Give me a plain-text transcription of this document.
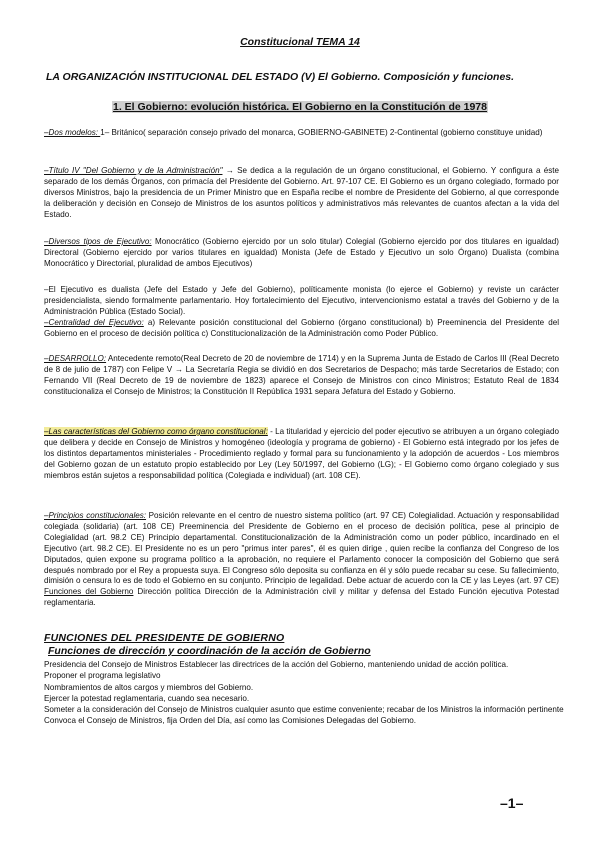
Constitucional TEMA 14
LA ORGANIZACIÓN INSTITUCIONAL DEL ESTADO (V) El Gobierno. Composición y funciones.
1. El Gobierno: evolución histórica. El Gobierno en la Constitución de 1978
–Dos modelos: 1– Británico( separación consejo privado del monarca, GOBIERNO-GABINETE) 2-Continental (gobierno constituye unidad)
–Título IV "Del Gobierno y de la Administración" → Se dedica a la regulación de un órgano constitucional, el Gobierno. Y configura a éste separado de los demás Órganos, con primacía del Presidente del Gobierno. Art. 97-107 CE. El Gobierno es un órgano colegiado, formado por diversos Ministros, bajo la presidencia de un Primer Ministro que en España recibe el nombre de Presidente del Gobierno, al que corresponde la deliberación y decisión en Consejo de Ministros de los asuntos políticos y administrativos más relevantes de cuantos afectan a la vida del Estado.
–Diversos tipos de Ejecutivo: Monocrático (Gobierno ejercido por un solo titular) Colegial (Gobierno ejercido por dos titulares en igualdad) Directoral (Gobierno ejercido por varios titulares en igualdad) Monista (Jefe de Estado y Ejecutivo un solo Órgano) Dualista (combina Monocrático y Directorial, pluralidad de ambos Ejecutivos)
–El Ejecutivo es dualista (Jefe del Estado y Jefe del Gobierno), políticamente monista (lo ejerce el Gobierno) y reviste un carácter presidencialista, siendo formalmente parlamentario. Hoy fortalecimiento del Ejecutivo, intervencionismo estatal a través del Gobierno y de la Administración Pública (Estado Social).
–Centralidad del Ejecutivo: a) Relevante posición constitucional del Gobierno (órgano constitucional) b) Preeminencia del Presidente del Gobierno en el proceso de decisión política c) Constitucionalización de la Administración como Poder Público.
–DESARROLLO: Antecedente remoto(Real Decreto de 20 de noviembre de 1714) y en la Suprema Junta de Estado de Carlos III (Real Decreto de 8 de julio de 1787) con Felipe V → La Secretaría Regia se dividió en dos Secretarios de Despacho; más tarde Secretarios de Estado; con Fernando VII (Real Decreto de 19 de noviembre de 1823) aparece el Consejo de Ministros con cinco Ministros; Estatuto Real de 1834 constitucionaliza el Consejo de Ministros; la Constitución II República 1931 separa Jefatura del Estado y Gobierno.
–Las características del Gobierno como órgano constitucional: - La titularidad y ejercicio del poder ejecutivo se atribuyen a un órgano colegiado que delibera y decide en Consejo de Ministros y homogéneo (ideología y programa de gobierno) - El Gobierno está integrado por los jefes de los distintos departamentos ministeriales - Procedimiento reglado y formal para su funcionamiento y la adopción de acuerdos - Los miembros del Gobierno gozan de un estatuto propio establecido por Ley (Ley 50/1997, del Gobierno (LG); - El Gobierno como órgano colegiado y sus miembros están sujetos a responsabilidad política (Colegiada e individual) (art. 108 CE).
–Principios constitucionales: Posición relevante en el centro de nuestro sistema político (art. 97 CE) Colegialidad. Actuación y responsabilidad colegiada (solidaria) (art. 108 CE) Preeminencia del Presidente de Gobierno en el proceso de decisión política, pese al principio de Colegialidad (art. 98.2 CE) Principio departamental. Constitucionalización de la Administración como un poder público, incardinado en el Ejecutivo (art. 98.2 CE). El Presidente no es un pero "primus inter pares", él es quien dirige , quien recibe la confianza del Congreso de los Diputados, quien expone su programa político a la aprobación, no requiere el Parlamento conocer la composición del Gobierno que será después nombrado por el Rey a propuesta suya. El Congreso sólo deposita su confianza en él y sólo puede recabar su cese. Su fallecimiento, dimisión o censura lo es de todo el Gobierno en su conjunto. Principio de legalidad. Debe actuar de acuerdo con la CE y las Leyes (art. 97 CE) Funciones del Gobierno Dirección política Dirección de la Administración civil y militar y defensa del Estado Función ejecutiva Potestad reglamentaria.
FUNCIONES DEL PRESIDENTE DE GOBIERNO
Funciones de dirección y coordinación de la acción de Gobierno
Presidencia del Consejo de Ministros Establecer las directrices de la acción del Gobierno, manteniendo unidad de acción política.
Proponer el programa legislativo
Nombramientos de altos cargos y miembros del Gobierno.
Ejercer la potestad reglamentaria, cuando sea necesario.
Someter a la consideración del Consejo de Ministros cualquier asunto que estime conveniente; recabar de los Ministros la información pertinente
Convoca el Consejo de Ministros, fija Orden del Día, así como las Comisiones Delegadas del Gobierno.
–1–
